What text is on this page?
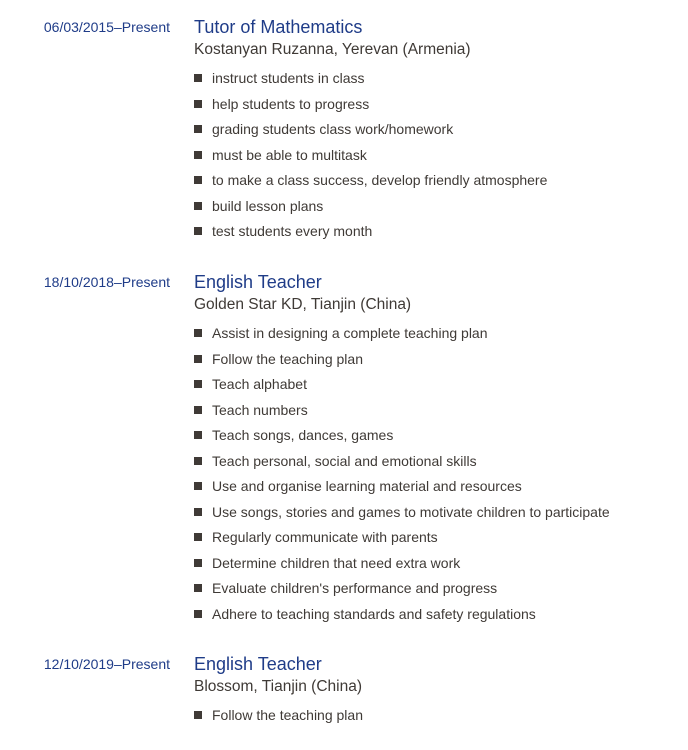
06/03/2015–Present Tutor of Mathematics
Kostanyan Ruzanna, Yerevan (Armenia)
instruct students in class
help students to progress
grading students class work/homework
must be able to multitask
to make a class success, develop friendly atmosphere
build lesson plans
test students every month
18/10/2018–Present English Teacher
Golden Star KD, Tianjin (China)
Assist in designing a complete teaching plan
Follow the teaching plan
Teach alphabet
Teach numbers
Teach songs, dances, games
Teach personal, social and emotional skills
Use and organise learning material and resources
Use songs, stories and games to motivate children to participate
Regularly communicate with parents
Determine children that need extra work
Evaluate children's performance and progress
Adhere to teaching standards and safety regulations
12/10/2019–Present English Teacher
Blossom, Tianjin (China)
Follow the teaching plan
